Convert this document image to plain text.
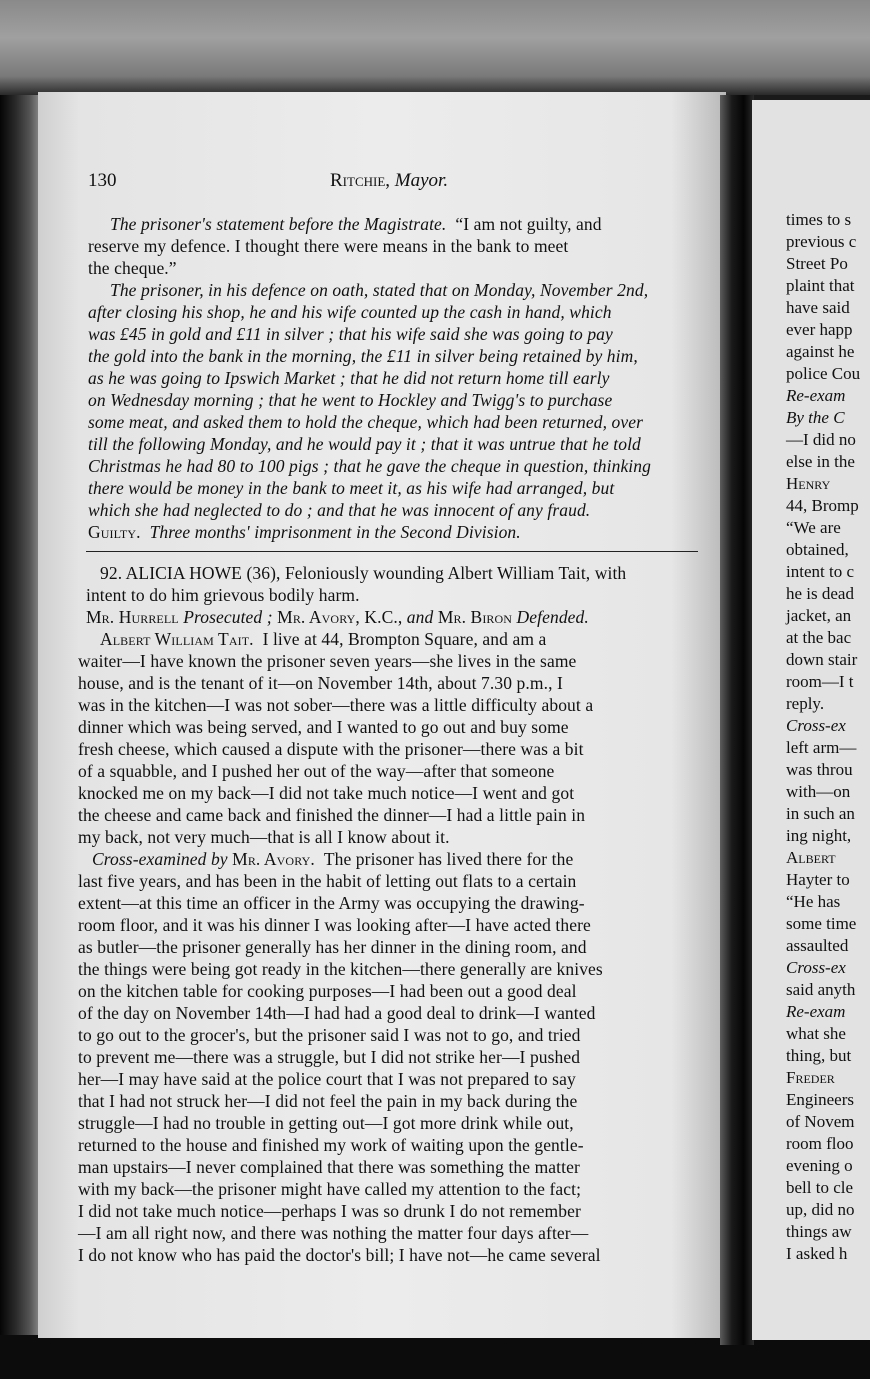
130	Ritchie, Mayor.
The prisoner's statement before the Magistrate. “I am not guilty, and
reserve my defence. I thought there were means in the bank to meet
the cheque.”
The prisoner, in his defence on oath, stated that on Monday, November 2nd,
after closing his shop, he and his wife counted up the cash in hand, which
was £45 in gold and £11 in silver ; that his wife said she was going to pay
the gold into the bank in the morning, the £11 in silver being retained by him,
as he was going to Ipswich Market ; that he did not return home till early
on Wednesday morning ; that he went to Hockley and Twigg's to purchase
some meat, and asked them to hold the cheque, which had been returned, over
till the following Monday, and he would pay it ; that it was untrue that he told
Christmas he had 80 to 100 pigs ; that he gave the cheque in question, thinking
there would be money in the bank to meet it, as his wife had arranged, but
which she had neglected to do ; and that he was innocent of any fraud.
Guilty. Three months' imprisonment in the Second Division.
92. ALICIA HOWE (36), Feloniously wounding Albert William Tait, with
intent to do him grievous bodily harm.
Mr. Hurrell Prosecuted ; Mr. Avory, K.C., and Mr. Biron Defended.
Albert William Tait. I live at 44, Brompton Square, and am a
waiter—I have known the prisoner seven years—she lives in the same
house, and is the tenant of it—on November 14th, about 7.30 p.m., I
was in the kitchen—I was not sober—there was a little difficulty about a
dinner which was being served, and I wanted to go out and buy some
fresh cheese, which caused a dispute with the prisoner—there was a bit
of a squabble, and I pushed her out of the way—after that someone
knocked me on my back—I did not take much notice—I went and got
the cheese and came back and finished the dinner—I had a little pain in
my back, not very much—that is all I know about it.
Cross-examined by Mr. Avory. The prisoner has lived there for the
last five years, and has been in the habit of letting out flats to a certain
extent—at this time an officer in the Army was occupying the drawing-
room floor, and it was his dinner I was looking after—I have acted there
as butler—the prisoner generally has her dinner in the dining room, and
the things were being got ready in the kitchen—there generally are knives
on the kitchen table for cooking purposes—I had been out a good deal
of the day on November 14th—I had had a good deal to drink—I wanted
to go out to the grocer's, but the prisoner said I was not to go, and tried
to prevent me—there was a struggle, but I did not strike her—I pushed
her—I may have said at the police court that I was not prepared to say
that I had not struck her—I did not feel the pain in my back during the
struggle—I had no trouble in getting out—I got more drink while out,
returned to the house and finished my work of waiting upon the gentle-
man upstairs—I never complained that there was something the matter
with my back—the prisoner might have called my attention to the fact;
I did not take much notice—perhaps I was so drunk I do not remember
—I am all right now, and there was nothing the matter four days after—
I do not know who has paid the doctor's bill; I have not—he came several
times to s
previous c
Street Po
plaint that
have said
ever happ
against he
police Cou
Re-exam
By the C
—I did no
else in the
Henry
44, Bromp
“We are
obtained,
intent to c
he is dead
jacket, an
at the bac
down stair
room—I t
reply.
Cross-ex
left arm—
was throu
with—on
in such an
ing night,
Albert
Hayter to
“He has
some time
assaulted
Cross-ex
said anyth
Re-exam
what she
thing, but
Freder
Engineers
of Novem
room floo
evening o
bell to cle
up, did no
things aw
I asked h
